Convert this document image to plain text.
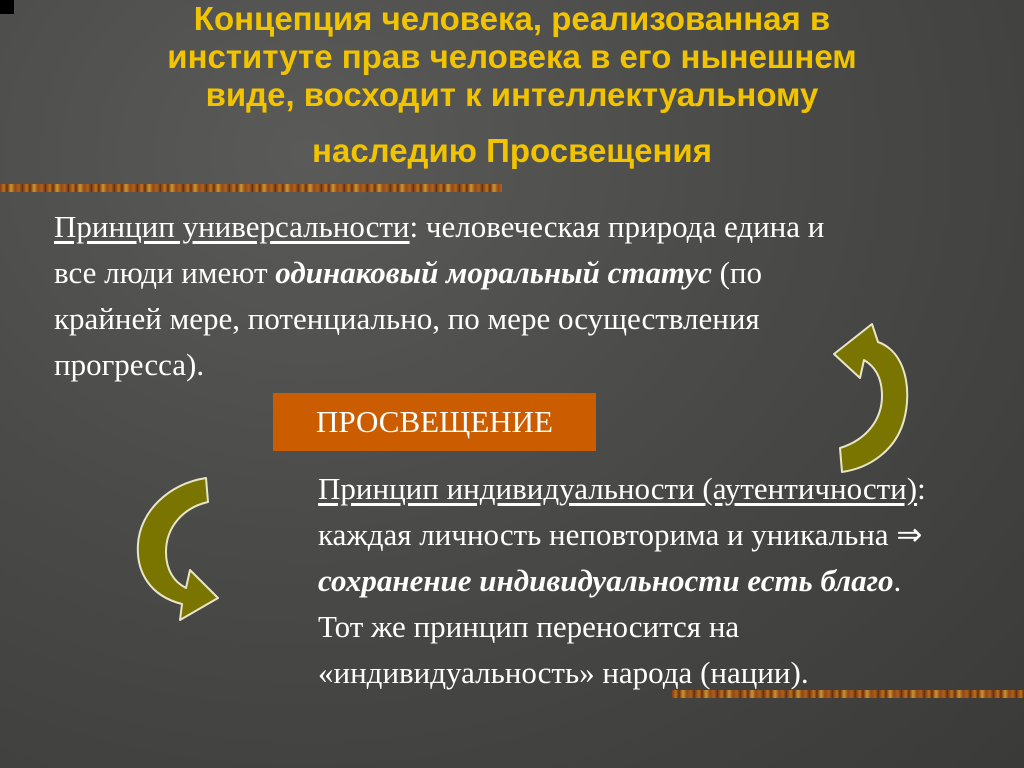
Концепция человека, реализованная в
институте прав человека в его нынешнем
виде, восходит к интеллектуальному
наследию Просвещения
Принцип универсальности: человеческая природа едина и все люди имеют одинаковый моральный статус (по крайней мере, потенциально, по мере осуществления прогресса).
ПРОСВЕЩЕНИЕ
Принцип индивидуальности (аутентичности): каждая личность неповторима и уникальна ⇒ сохранение индивидуальности есть благо.
Тот же принцип переносится на «индивидуальность» народа (нации).
